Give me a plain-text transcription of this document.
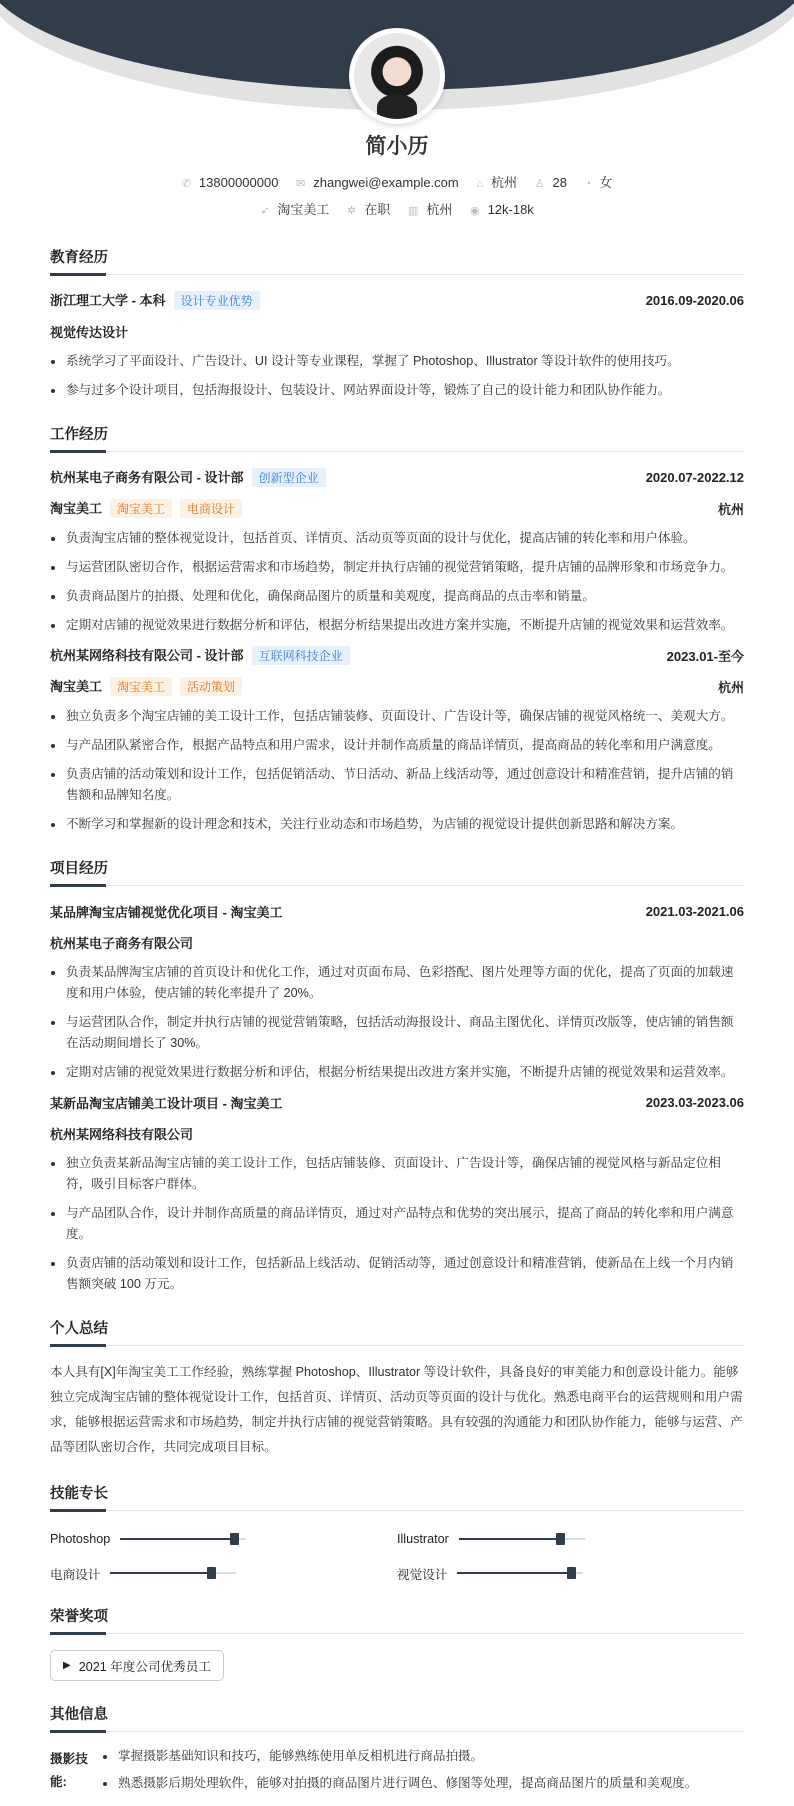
简小历
✆ 13800000000 ✉ zhangwei@example.com ⌂ 杭州 ♙ 28 ◔ 女
➶ 淘宝美工 ✲ 在职 ▥ 杭州 ◉ 12k-18k
教育经历
浙江理工大学 - 本科 设计专业优势	2016.09-2020.06
视觉传达设计
系统学习了平面设计、广告设计、UI 设计等专业课程，掌握了 Photoshop、Illustrator 等设计软件的使用技巧。
参与过多个设计项目，包括海报设计、包装设计、网站界面设计等，锻炼了自己的设计能力和团队协作能力。
工作经历
杭州某电子商务有限公司 - 设计部 创新型企业	2020.07-2022.12
淘宝美工 淘宝美工 电商设计	杭州
负责淘宝店铺的整体视觉设计，包括首页、详情页、活动页等页面的设计与优化，提高店铺的转化率和用户体验。
与运营团队密切合作，根据运营需求和市场趋势，制定并执行店铺的视觉营销策略，提升店铺的品牌形象和市场竞争力。
负责商品图片的拍摄、处理和优化，确保商品图片的质量和美观度，提高商品的点击率和销量。
定期对店铺的视觉效果进行数据分析和评估，根据分析结果提出改进方案并实施，不断提升店铺的视觉效果和运营效率。
杭州某网络科技有限公司 - 设计部 互联网科技企业	2023.01-至今
淘宝美工 淘宝美工 活动策划	杭州
独立负责多个淘宝店铺的美工设计工作，包括店铺装修、页面设计、广告设计等，确保店铺的视觉风格统一、美观大方。
与产品团队紧密合作，根据产品特点和用户需求，设计并制作高质量的商品详情页，提高商品的转化率和用户满意度。
负责店铺的活动策划和设计工作，包括促销活动、节日活动、新品上线活动等，通过创意设计和精准营销，提升店铺的销售额和品牌知名度。
不断学习和掌握新的设计理念和技术，关注行业动态和市场趋势，为店铺的视觉设计提供创新思路和解决方案。
项目经历
某品牌淘宝店铺视觉优化项目 - 淘宝美工	2021.03-2021.06
杭州某电子商务有限公司
负责某品牌淘宝店铺的首页设计和优化工作，通过对页面布局、色彩搭配、图片处理等方面的优化，提高了页面的加载速度和用户体验，使店铺的转化率提升了 20%。
与运营团队合作，制定并执行店铺的视觉营销策略，包括活动海报设计、商品主图优化、详情页改版等，使店铺的销售额在活动期间增长了 30%。
定期对店铺的视觉效果进行数据分析和评估，根据分析结果提出改进方案并实施，不断提升店铺的视觉效果和运营效率。
某新品淘宝店铺美工设计项目 - 淘宝美工	2023.03-2023.06
杭州某网络科技有限公司
独立负责某新品淘宝店铺的美工设计工作，包括店铺装修、页面设计、广告设计等，确保店铺的视觉风格与新品定位相符，吸引目标客户群体。
与产品团队合作，设计并制作高质量的商品详情页，通过对产品特点和优势的突出展示，提高了商品的转化率和用户满意度。
负责店铺的活动策划和设计工作，包括新品上线活动、促销活动等，通过创意设计和精准营销，使新品在上线一个月内销售额突破 100 万元。
个人总结
本人具有[X]年淘宝美工工作经验，熟练掌握 Photoshop、Illustrator 等设计软件，具备良好的审美能力和创意设计能力。能够独立完成淘宝店铺的整体视觉设计工作，包括首页、详情页、活动页等页面的设计与优化。熟悉电商平台的运营规则和用户需求，能够根据运营需求和市场趋势，制定并执行店铺的视觉营销策略。具有较强的沟通能力和团队协作能力，能够与运营、产品等团队密切合作，共同完成项目目标。
技能专长
Photoshop	Illustrator
电商设计	视觉设计
荣誉奖项
▶ 2021 年度公司优秀员工
其他信息
摄影技能:
掌握摄影基础知识和技巧，能够熟练使用单反相机进行商品拍摄。
熟悉摄影后期处理软件，能够对拍摄的商品图片进行调色、修图等处理，提高商品图片的质量和美观度。
